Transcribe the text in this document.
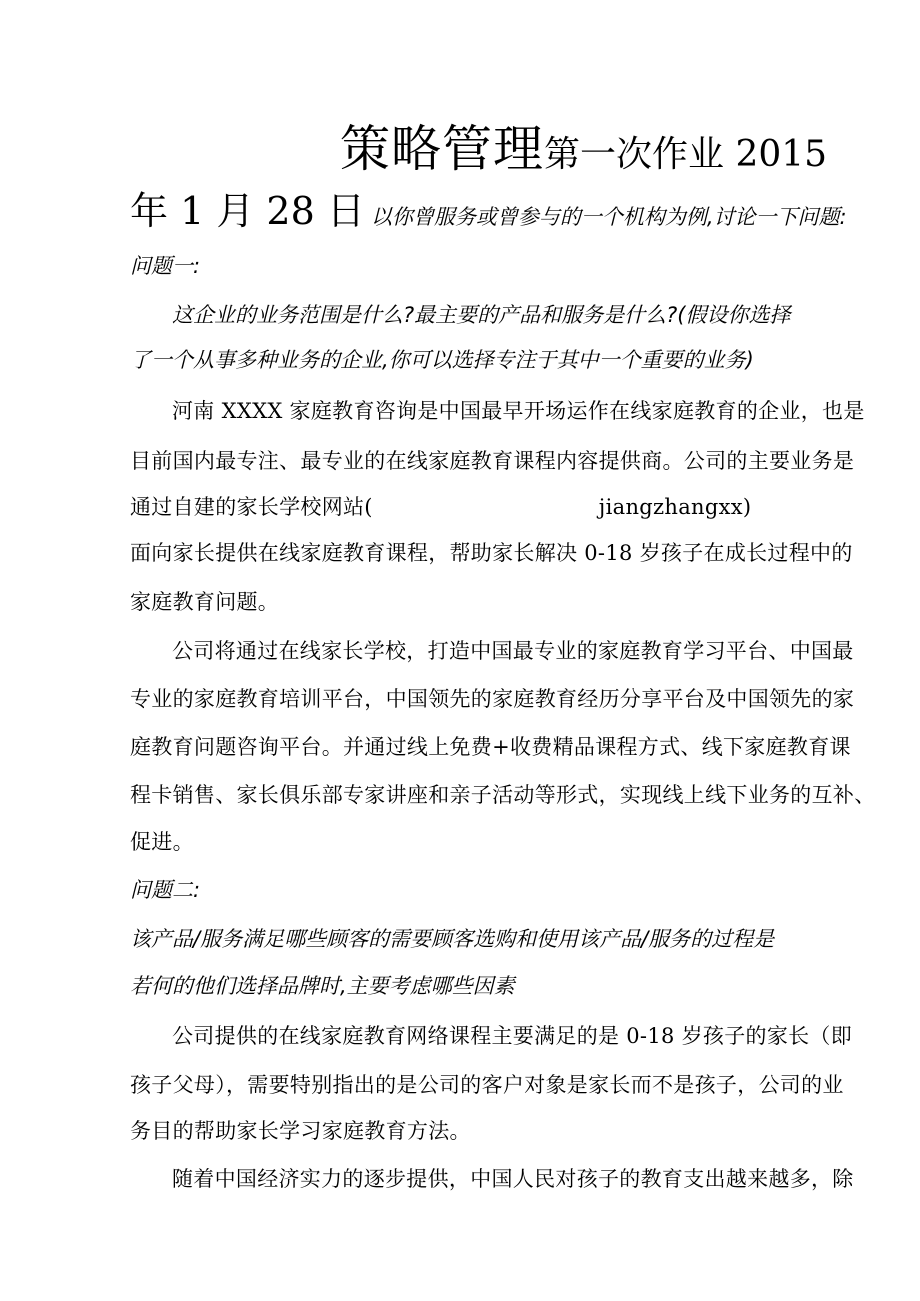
策略管理第一次作业 2015
年 1 月 28 日 以你曾服务或曾参与的一个机构为例,讨论一下问题:
问题一:
这企业的业务范围是什么?最主要的产品和服务是什么?(假设你选择
了一个从事多种业务的企业,你可以选择专注于其中一个重要的业务)
河南 XXXX 家庭教育咨询是中国最早开场运作在线家庭教育的企业，也是
目前国内最专注、最专业的在线家庭教育课程内容提供商。公司的主要业务是
通过自建的家长学校网站(	jiangzhangxx)
面向家长提供在线家庭教育课程，帮助家长解决 0-18 岁孩子在成长过程中的
家庭教育问题。
公司将通过在线家长学校，打造中国最专业的家庭教育学习平台、中国最
专业的家庭教育培训平台，中国领先的家庭教育经历分享平台及中国领先的家
庭教育问题咨询平台。并通过线上免费+收费精品课程方式、线下家庭教育课
程卡销售、家长俱乐部专家讲座和亲子活动等形式，实现线上线下业务的互补、
促进。
问题二:
该产品/服务满足哪些顾客的需要顾客选购和使用该产品/服务的过程是
若何的他们选择品牌时,主要考虑哪些因素
公司提供的在线家庭教育网络课程主要满足的是 0-18 岁孩子的家长（即
孩子父母），需要特别指出的是公司的客户对象是家长而不是孩子，公司的业
务目的帮助家长学习家庭教育方法。
随着中国经济实力的逐步提供，中国人民对孩子的教育支出越来越多，除
